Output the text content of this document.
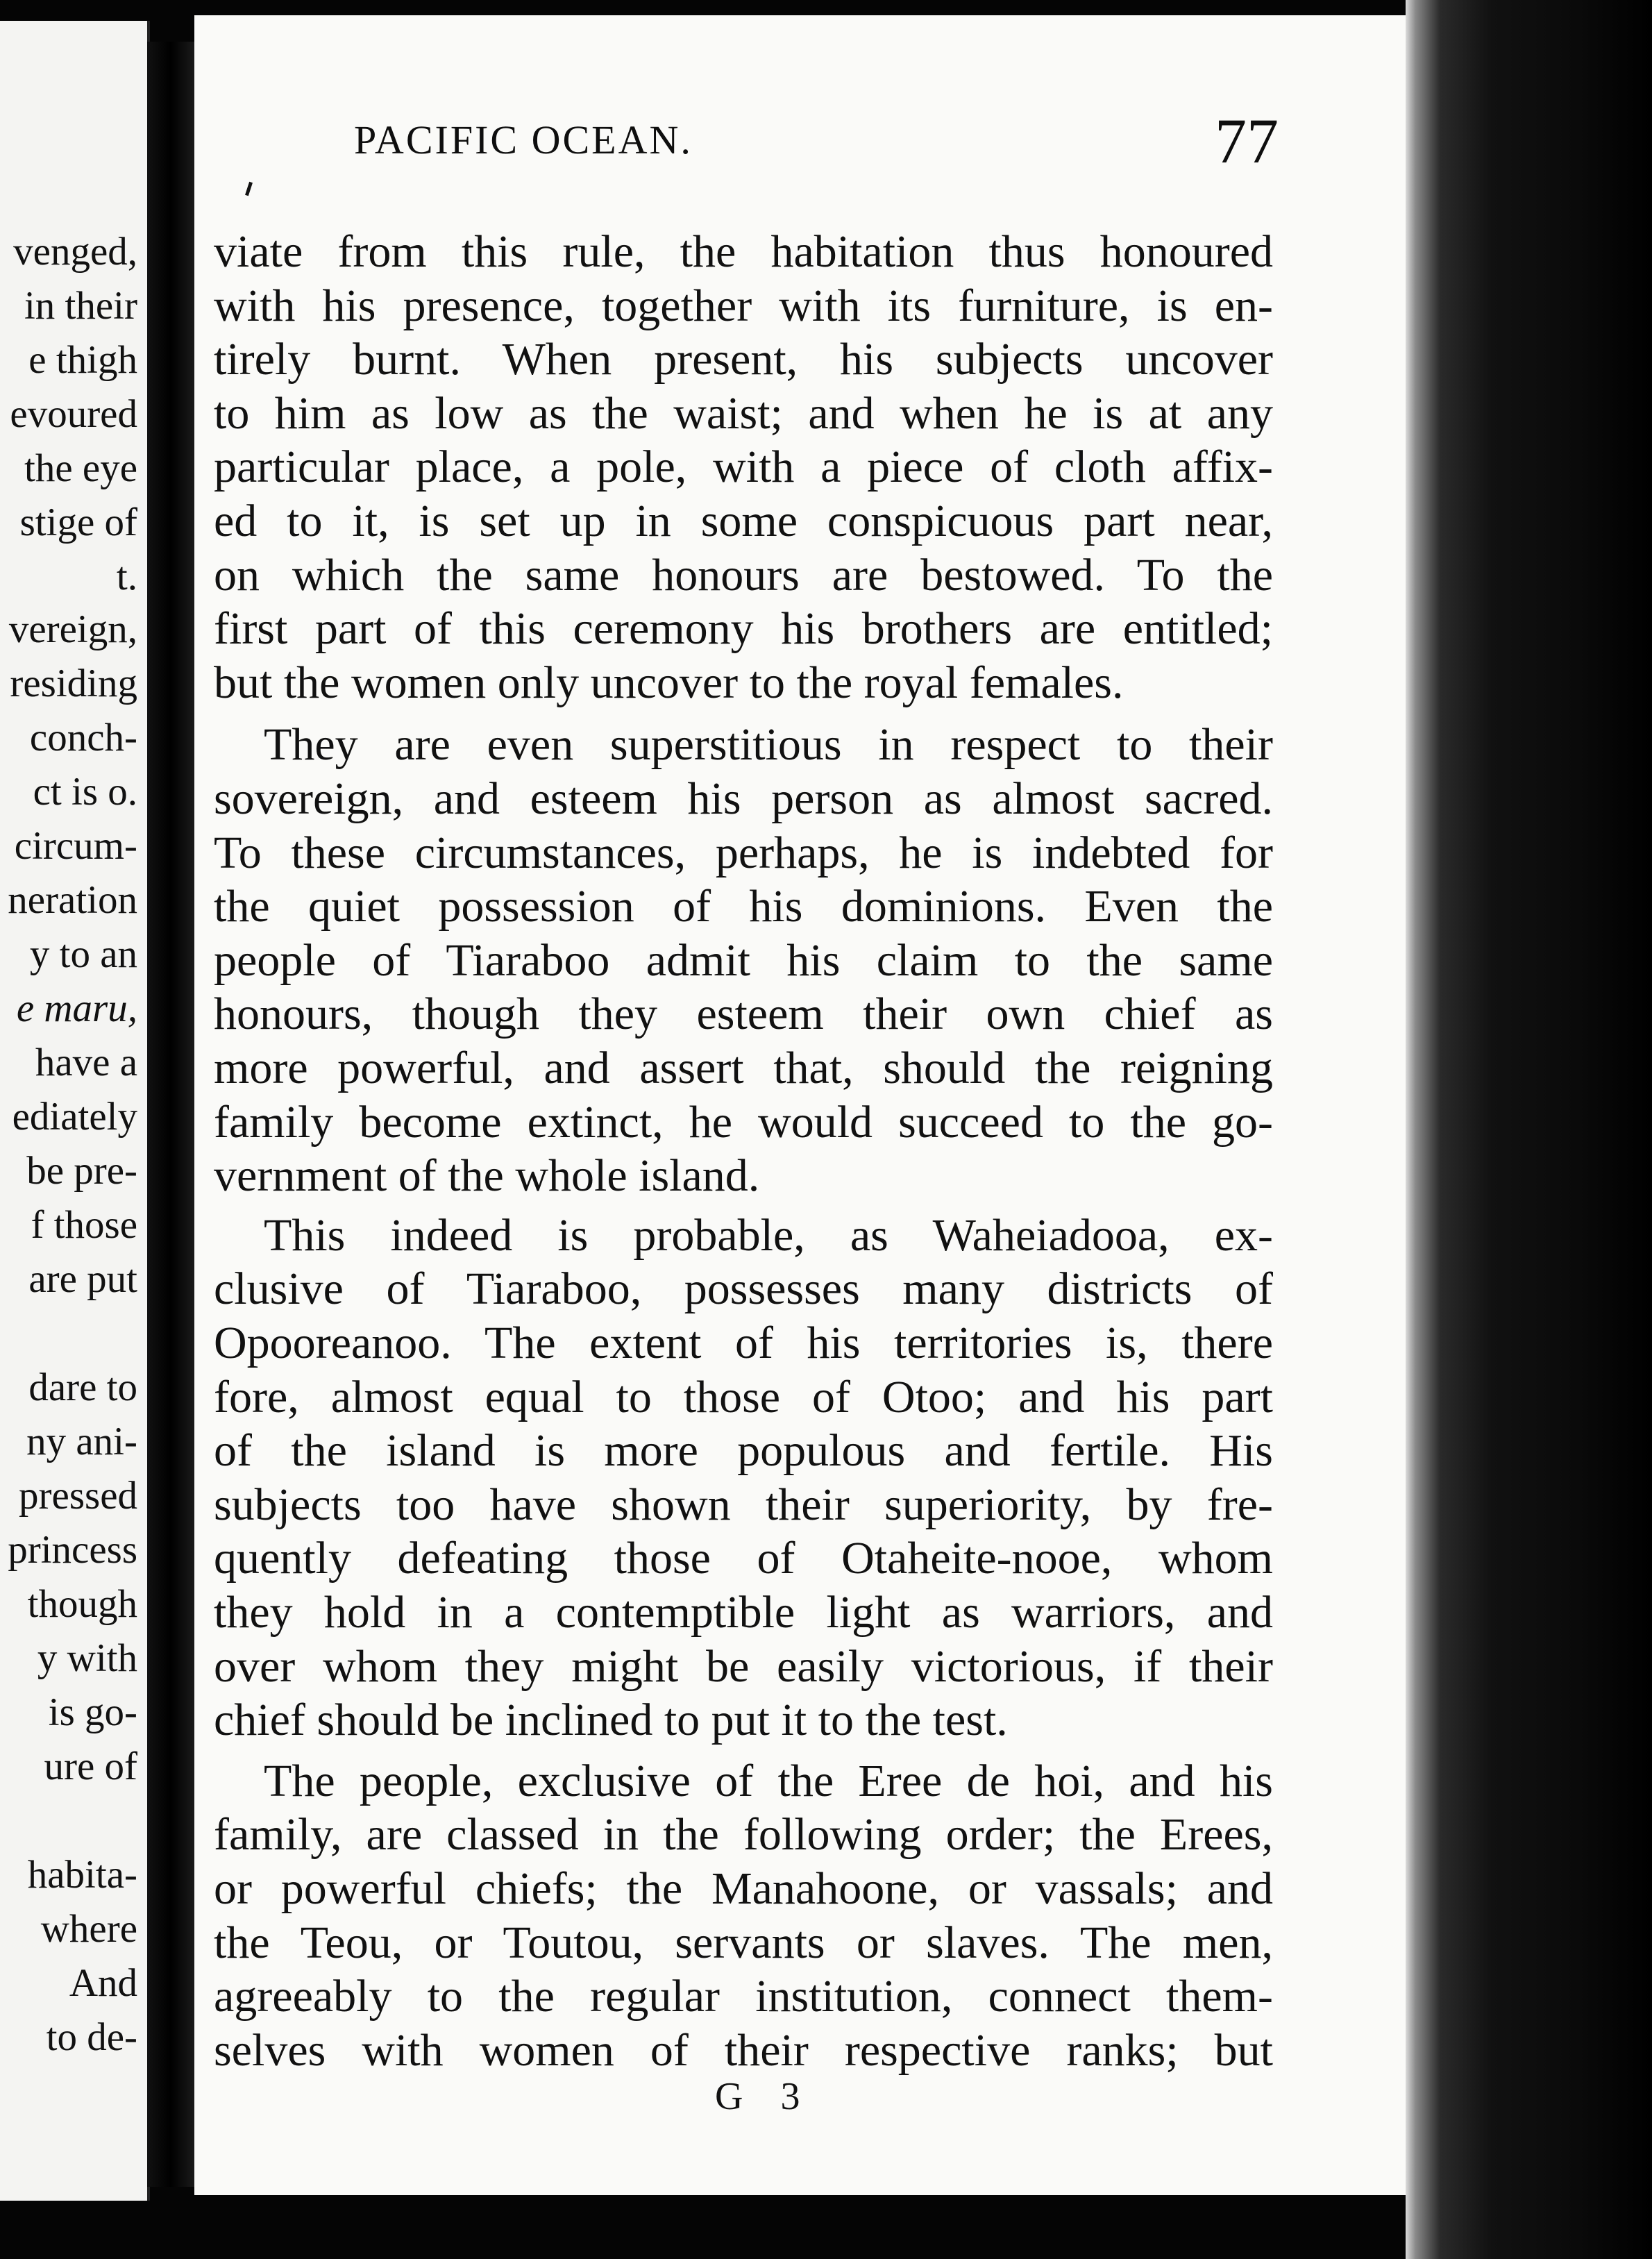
venged,
in their
e thigh
evoured
the eye
stige of
t.
vereign,
residing
conch-
ct is o.
circum-
neration
y to an
e maru,
have a
ediately
be pre-
f those
are put
dare to
ny ani-
pressed
princess
though
y with
is go-
ure of
habita-
where
And
to de-
PACIFIC OCEAN.	77
viate from this rule, the habitation thus honoured
with his presence, together with its furniture, is en-
tirely burnt. When present, his subjects uncover
to him as low as the waist; and when he is at any
particular place, a pole, with a piece of cloth affix-
ed to it, is set up in some conspicuous part near,
on which the same honours are bestowed. To the
first part of this ceremony his brothers are entitled;
but the women only uncover to the royal females.
They are even superstitious in respect to their
sovereign, and esteem his person as almost sacred.
To these circumstances, perhaps, he is indebted for
the quiet possession of his dominions. Even the
people of Tiaraboo admit his claim to the same
honours, though they esteem their own chief as
more powerful, and assert that, should the reigning
family become extinct, he would succeed to the go-
vernment of the whole island.
This indeed is probable, as Waheiadooa, ex-
clusive of Tiaraboo, possesses many districts of
Opooreanoo. The extent of his territories is, there
fore, almost equal to those of Otoo; and his part
of the island is more populous and fertile. His
subjects too have shown their superiority, by fre-
quently defeating those of Otaheite-nooe, whom
they hold in a contemptible light as warriors, and
over whom they might be easily victorious, if their
chief should be inclined to put it to the test.
The people, exclusive of the Eree de hoi, and his
family, are classed in the following order; the Erees,
or powerful chiefs; the Manahoone, or vassals; and
the Teou, or Toutou, servants or slaves. The men,
agreeably to the regular institution, connect them-
selves with women of their respective ranks; but
G 3
